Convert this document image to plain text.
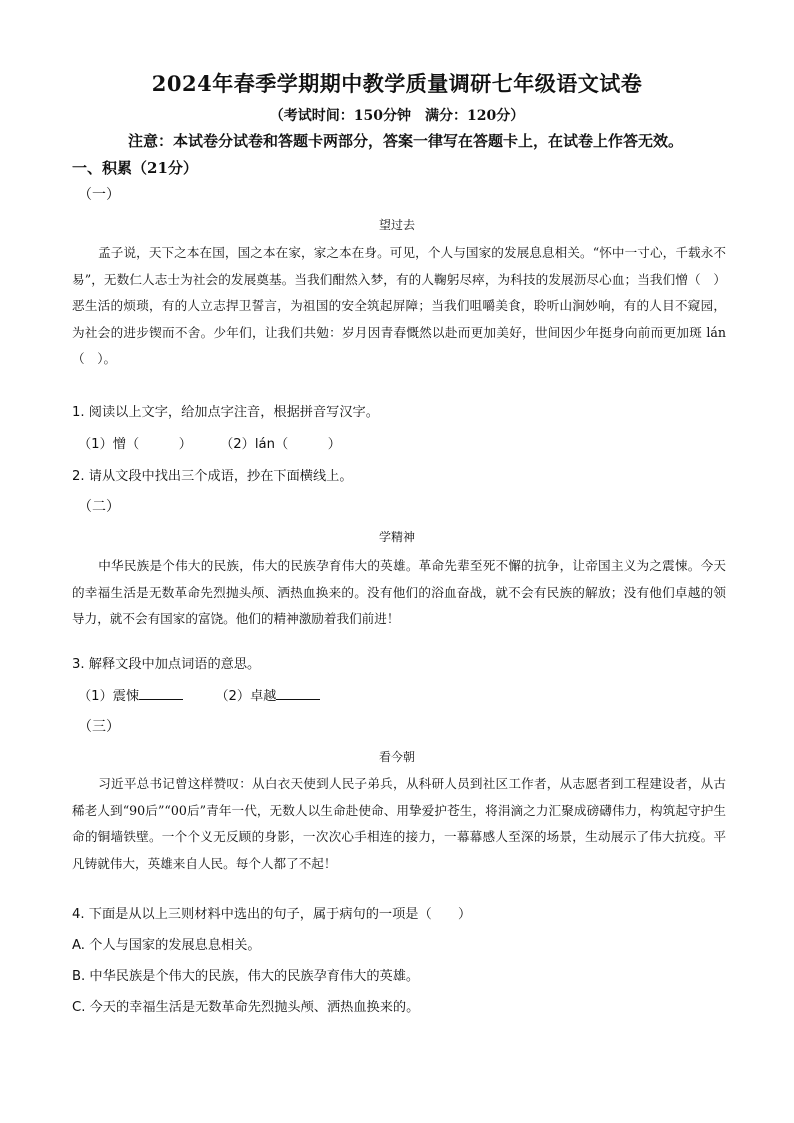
2024年春季学期期中教学质量调研七年级语文试卷
（考试时间：150分钟　满分：120分）
注意：本试卷分试卷和答题卡两部分，答案一律写在答题卡上，在试卷上作答无效。
一、积累（21分）
（一）
望过去
孟子说，天下之本在国，国之本在家，家之本在身。可见，个人与国家的发展息息相关。“怀中一寸心，千载永不易”，无数仁人志士为社会的发展奠基。当我们酣然入梦，有的人鞠躬尽瘁，为科技的发展沥尽心血；当我们憎（　）恶生活的烦琐，有的人立志捍卫誓言，为祖国的安全筑起屏障；当我们咀嚼美食，聆听山涧妙响，有的人目不窥园，为社会的进步锲而不舍。少年们，让我们共勉：岁月因青春慨然以赴而更加美好，世间因少年挺身向前而更加斑 lán（　）。
1. 阅读以上文字，给加点字注音，根据拼音写汉字。
（1）憎（　　　） （2）lán（　　　）
2. 请从文段中找出三个成语，抄在下面横线上。
（二）
学精神
中华民族是个伟大的民族，伟大的民族孕育伟大的英雄。革命先辈至死不懈的抗争，让帝国主义为之震悚。今天的幸福生活是无数革命先烈抛头颅、洒热血换来的。没有他们的浴血奋战，就不会有民族的解放；没有他们卓越的领导力，就不会有国家的富饶。他们的精神激励着我们前进！
3. 解释文段中加点词语的意思。
（1）震悚	（2）卓越
（三）
看今朝
习近平总书记曾这样赞叹：从白衣天使到人民子弟兵，从科研人员到社区工作者，从志愿者到工程建设者，从古稀老人到“90后”“00后”青年一代，无数人以生命赴使命、用挚爱护苍生，将涓滴之力汇聚成磅礴伟力，构筑起守护生命的铜墙铁壁。一个个义无反顾的身影，一次次心手相连的接力，一幕幕感人至深的场景，生动展示了伟大抗疫。平凡铸就伟大，英雄来自人民。每个人都了不起！
4. 下面是从以上三则材料中选出的句子，属于病句的一项是（　　）
A. 个人与国家的发展息息相关。
B. 中华民族是个伟大的民族，伟大的民族孕育伟大的英雄。
C. 今天的幸福生活是无数革命先烈抛头颅、洒热血换来的。
